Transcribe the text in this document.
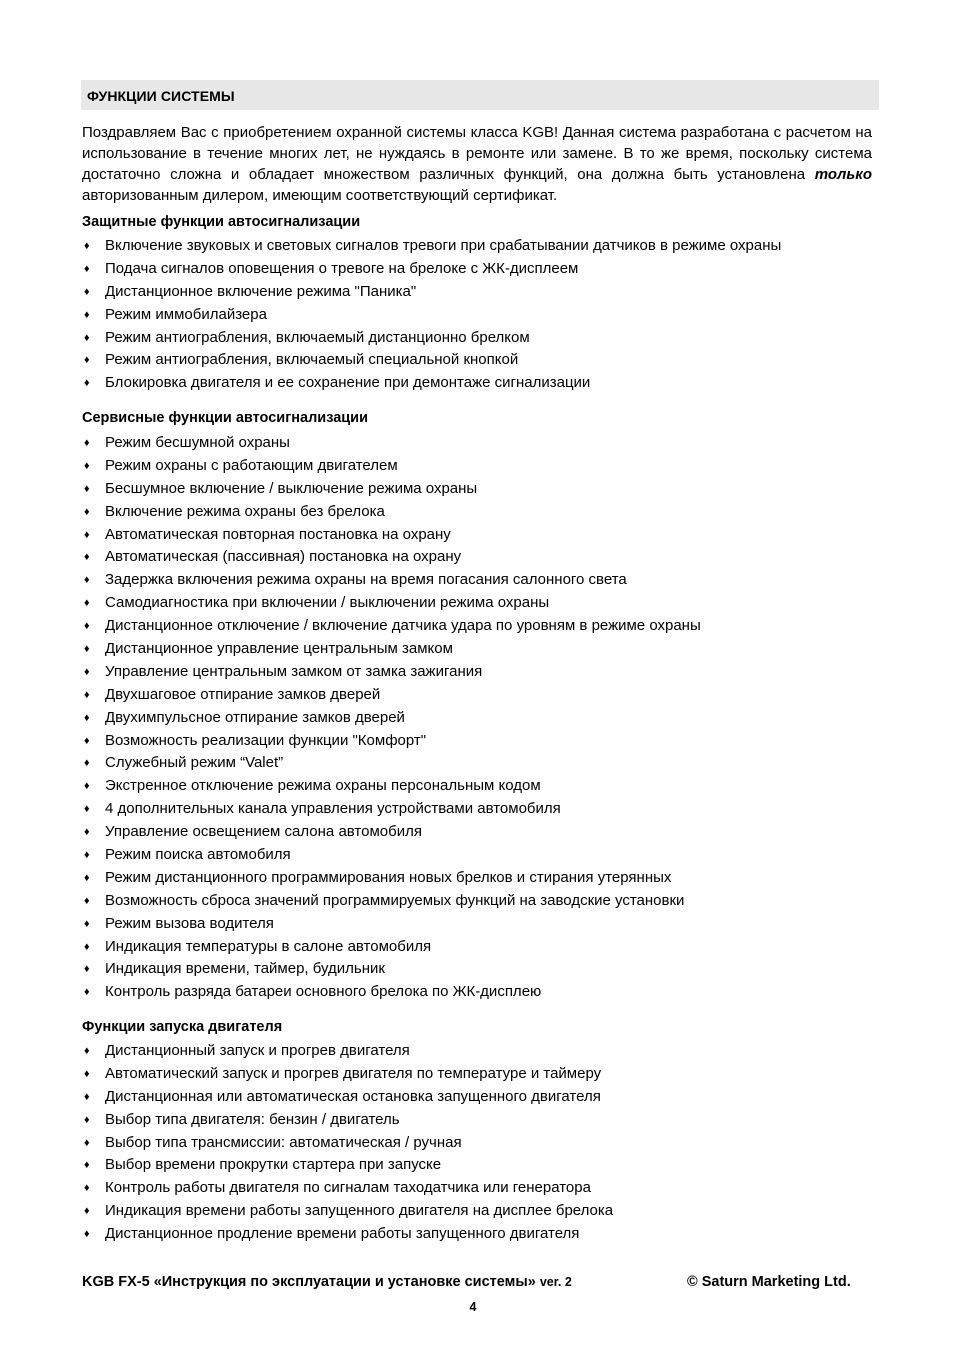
ФУНКЦИИ СИСТЕМЫ

Поздравляем Вас с приобретением охранной системы класса KGB! Данная система разработана с расчетом на использование в течение многих лет, не нуждаясь в ремонте или замене. В то же время, поскольку система достаточно сложна и обладает множеством различных функций, она должна быть установлена только авторизованным дилером, имеющим соответствующий сертификат.

Защитные функции автосигнализации
♦ Включение звуковых и световых сигналов тревоги при срабатывании датчиков в режиме охраны
♦ Подача сигналов оповещения о тревоге на брелоке с ЖК-дисплеем
♦ Дистанционное включение режима "Паника"
♦ Режим иммобилайзера
♦ Режим антиограбления, включаемый дистанционно брелком
♦ Режим антиограбления, включаемый специальной кнопкой
♦ Блокировка двигателя и ее сохранение при демонтаже сигнализации
Сервисные функции автосигнализации
♦ Режим бесшумной охраны
♦ Режим охраны с работающим двигателем
♦ Бесшумное включение / выключение режима охраны
♦ Включение режима охраны без брелока
♦ Автоматическая повторная постановка на охрану
♦ Автоматическая (пассивная) постановка на охрану
♦ Задержка включения режима охраны на время погасания салонного света
♦ Самодиагностика при включении / выключении режима охраны
♦ Дистанционное отключение / включение датчика удара по уровням в режиме охраны
♦ Дистанционное управление центральным замком
♦ Управление центральным замком от замка зажигания
♦ Двухшаговое отпирание замков дверей
♦ Двухимпульсное отпирание замков дверей
♦ Возможность реализации функции "Комфорт"
♦ Служебный режим “Valet”
♦ Экстренное отключение режима охраны персональным кодом
♦ 4 дополнительных канала управления устройствами автомобиля
♦ Управление освещением салона автомобиля
♦ Режим поиска автомобиля
♦ Режим дистанционного программирования новых брелков и стирания утерянных
♦ Возможность сброса значений программируемых функций на заводские установки
♦ Режим вызова водителя
♦ Индикация температуры в салоне автомобиля
♦ Индикация времени, таймер, будильник
♦ Контроль разряда батареи основного брелока по ЖК-дисплею
Функции запуска двигателя
♦ Дистанционный запуск и прогрев двигателя
♦ Автоматический запуск и прогрев двигателя по температуре и таймеру
♦ Дистанционная или автоматическая остановка запущенного двигателя
♦ Выбор типа двигателя: бензин / двигатель
♦ Выбор типа трансмиссии: автоматическая / ручная
♦ Выбор времени прокрутки стартера при запуске
♦ Контроль работы двигателя по сигналам таходатчика или генератора
♦ Индикация времени работы запущенного двигателя на дисплее брелока
♦ Дистанционное продление времени работы запущенного двигателя
KGB FX-5 «Инструкция по эксплуатации и установке системы» ver. 2	© Saturn Marketing Ltd.
4
